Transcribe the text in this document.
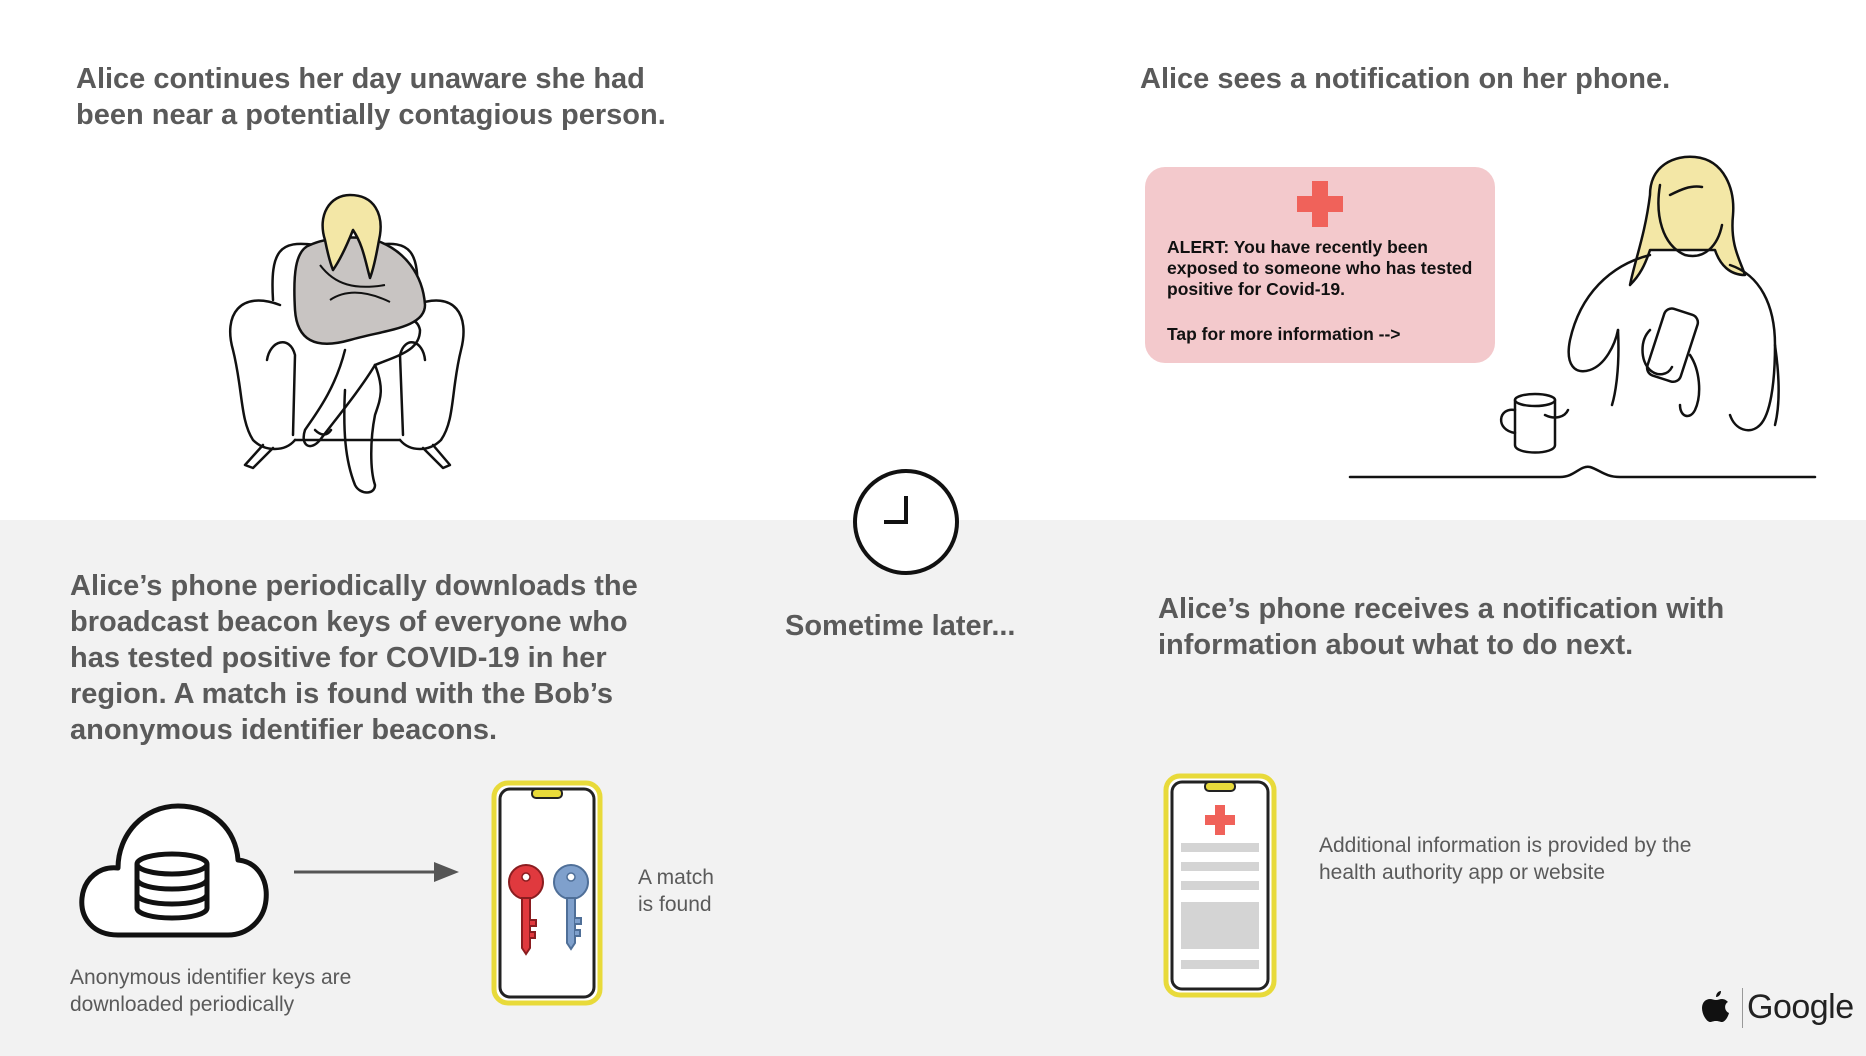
Alice continues her day unaware she had
been near a potentially contagious person.

Alice sees a notification on her phone.

ALERT: You have recently been
exposed to someone who has tested
positive for Covid-19.

Tap for more information -->

Sometime later...

Alice’s phone periodically downloads the
broadcast beacon keys of everyone who
has tested positive for COVID-19 in her
region. A match is found with the Bob’s
anonymous identifier beacons.

Anonymous identifier keys are
downloaded periodically

A match
is found

Alice’s phone receives a notification with
information about what to do next.

Additional information is provided by the
health authority app or website

Google
